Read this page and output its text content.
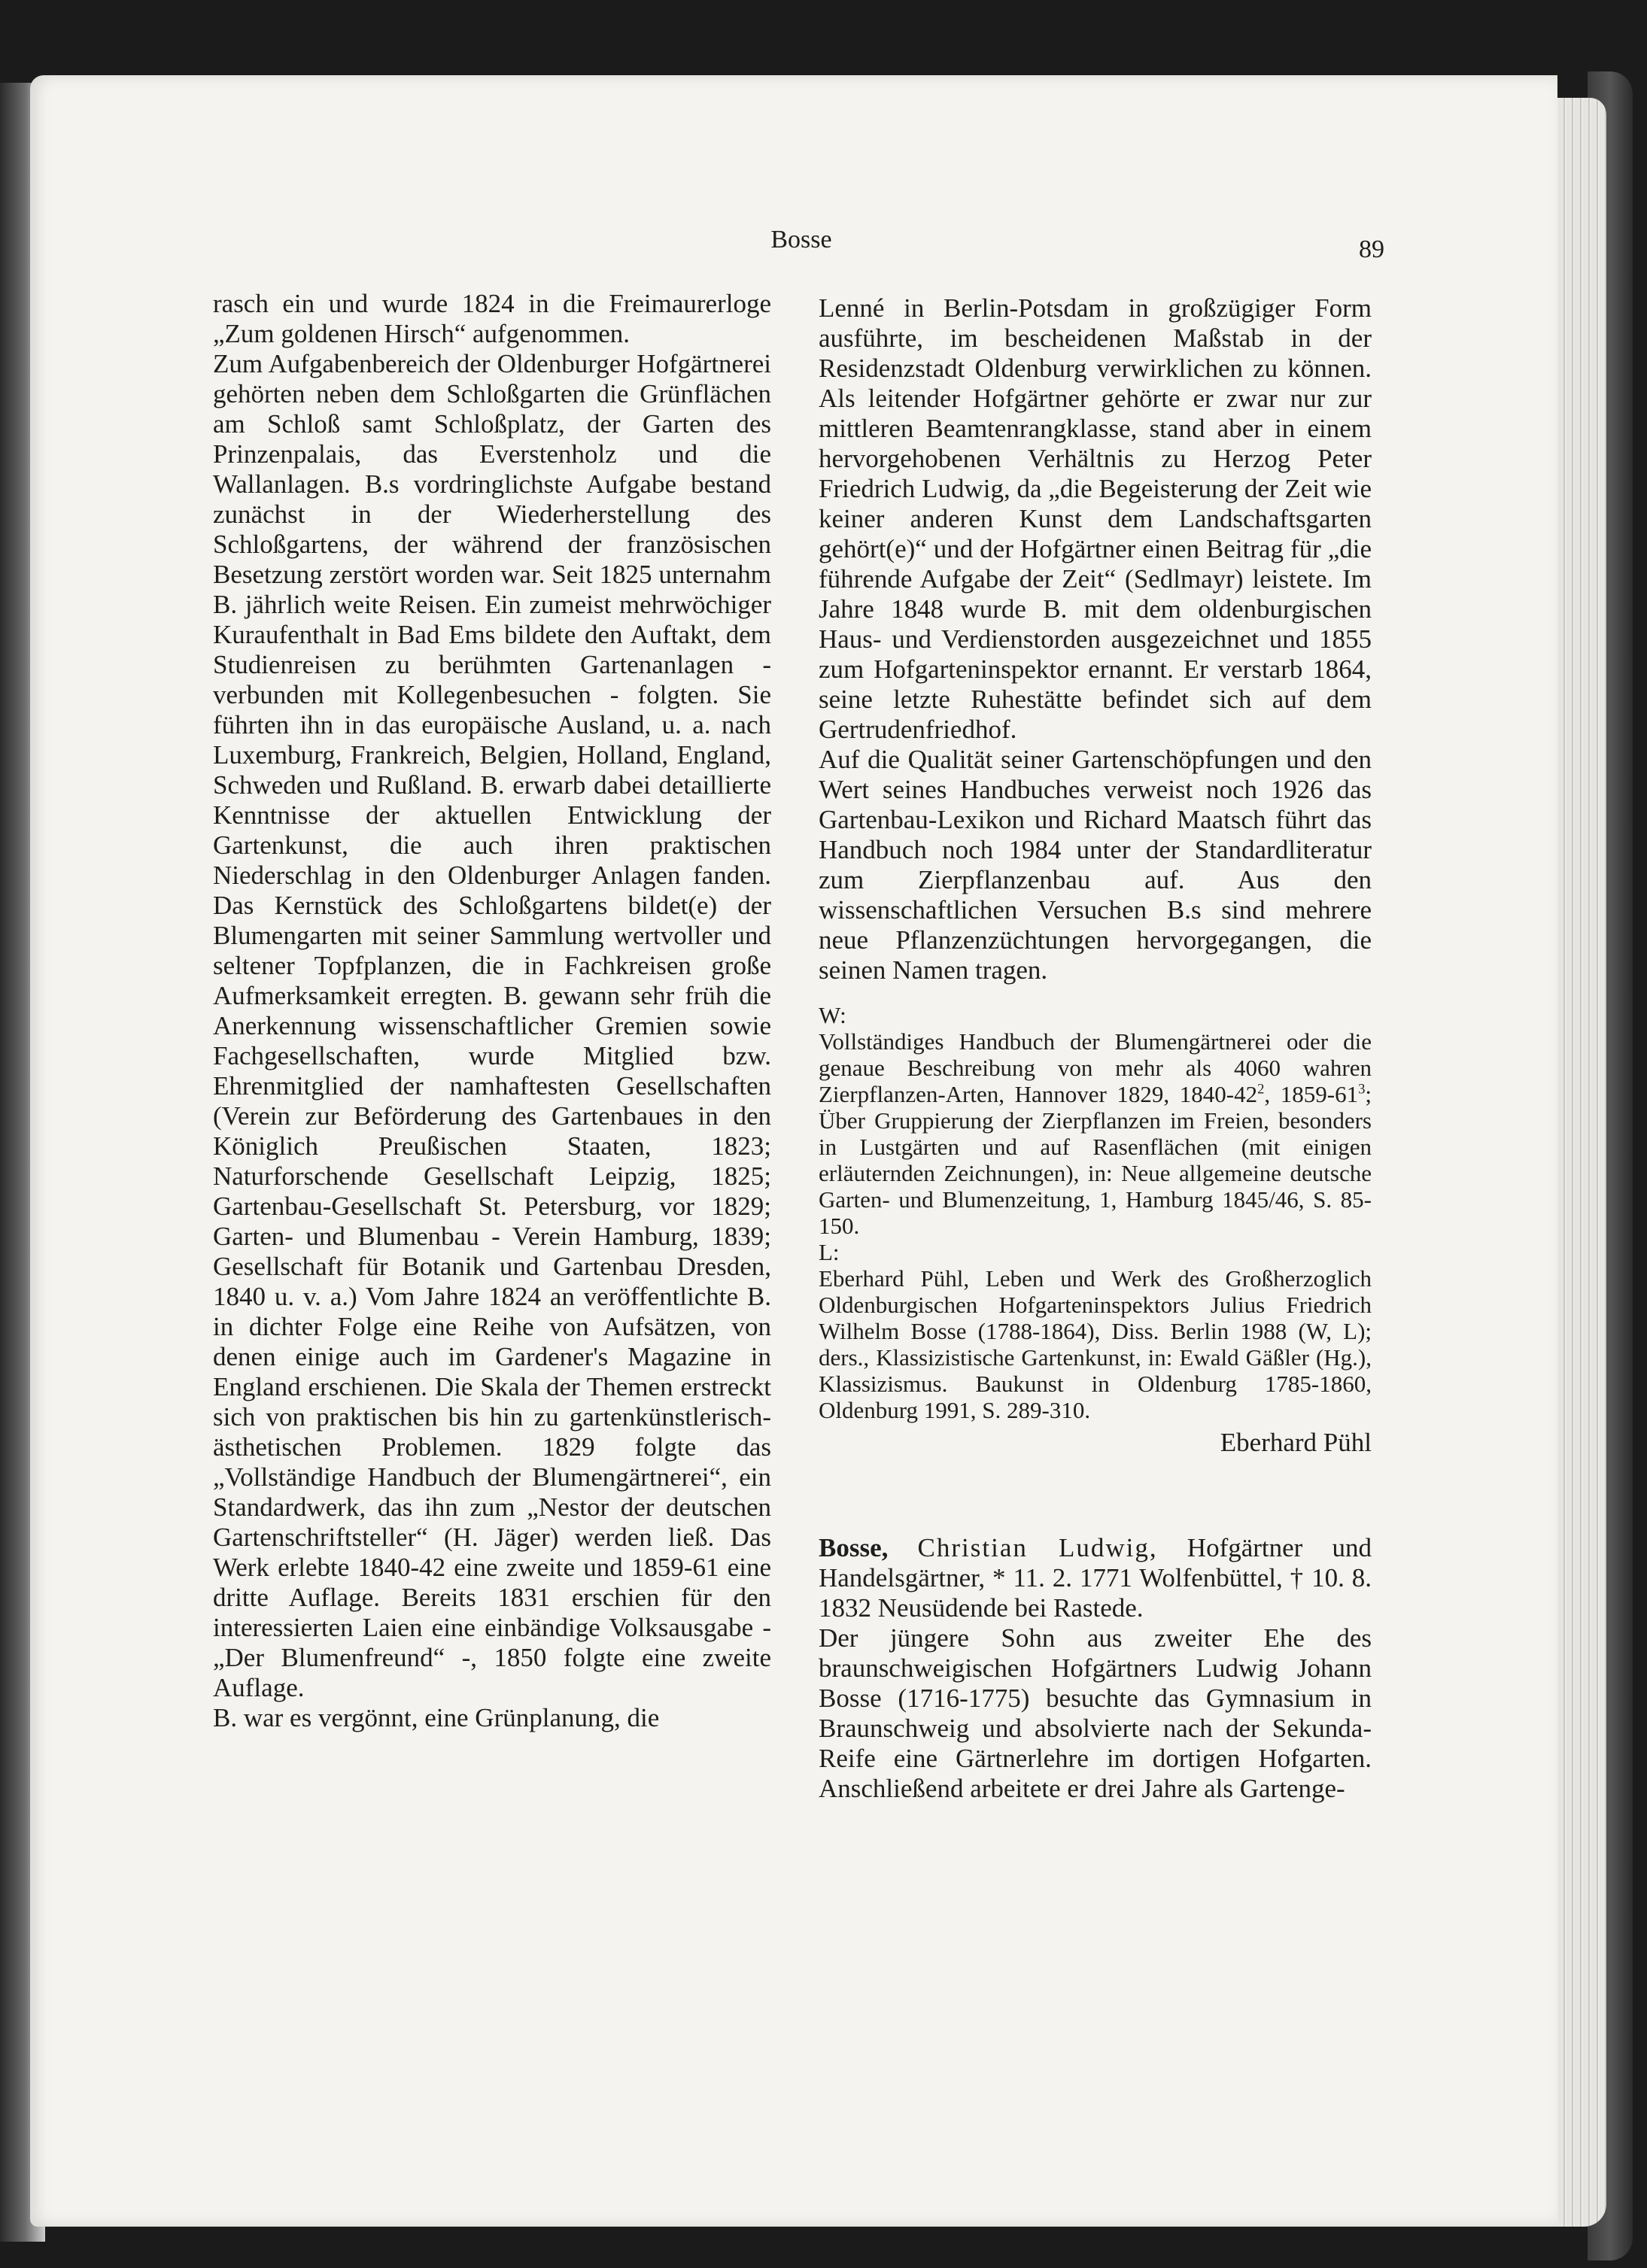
Bosse	89

rasch ein und wurde 1824 in die Freimaurerloge „Zum goldenen Hirsch“ aufgenommen.

Zum Aufgabenbereich der Oldenburger Hofgärtnerei gehörten neben dem Schloßgarten die Grünflächen am Schloß samt Schloßplatz, der Garten des Prinzenpalais, das Everstenholz und die Wallanlagen. B.s vordringlichste Aufgabe bestand zunächst in der Wiederherstellung des Schloßgartens, der während der französischen Besetzung zerstört worden war. Seit 1825 unternahm B. jährlich weite Reisen. Ein zumeist mehrwöchiger Kuraufenthalt in Bad Ems bildete den Auftakt, dem Studienreisen zu berühmten Gartenanlagen - verbunden mit Kollegenbesuchen - folgten. Sie führten ihn in das europäische Ausland, u. a. nach Luxemburg, Frankreich, Belgien, Holland, England, Schweden und Rußland. B. erwarb dabei detaillierte Kenntnisse der aktuellen Entwicklung der Gartenkunst, die auch ihren praktischen Niederschlag in den Oldenburger Anlagen fanden. Das Kernstück des Schloßgartens bildet(e) der Blumengarten mit seiner Sammlung wertvoller und seltener Topfplanzen, die in Fachkreisen große Aufmerksamkeit erregten. B. gewann sehr früh die Anerkennung wissenschaftlicher Gremien sowie Fachgesellschaften, wurde Mitglied bzw. Ehrenmitglied der namhaftesten Gesellschaften (Verein zur Beförderung des Gartenbaues in den Königlich Preußischen Staaten, 1823; Naturforschende Gesellschaft Leipzig, 1825; Gartenbau-Gesellschaft St. Petersburg, vor 1829; Garten- und Blumenbau - Verein Hamburg, 1839; Gesellschaft für Botanik und Gartenbau Dresden, 1840 u. v. a.) Vom Jahre 1824 an veröffentlichte B. in dichter Folge eine Reihe von Aufsätzen, von denen einige auch im Gardener's Magazine in England erschienen. Die Skala der Themen erstreckt sich von praktischen bis hin zu gartenkünstlerisch-ästhetischen Problemen. 1829 folgte das „Vollständige Handbuch der Blumengärtnerei“, ein Standardwerk, das ihn zum „Nestor der deutschen Gartenschriftsteller“ (H. Jäger) werden ließ. Das Werk erlebte 1840-42 eine zweite und 1859-61 eine dritte Auflage. Bereits 1831 erschien für den interessierten Laien eine einbändige Volksausgabe - „Der Blumenfreund“ -, 1850 folgte eine zweite Auflage.

B. war es vergönnt, eine Grünplanung, die

Lenné in Berlin-Potsdam in großzügiger Form ausführte, im bescheidenen Maßstab in der Residenzstadt Oldenburg verwirklichen zu können. Als leitender Hofgärtner gehörte er zwar nur zur mittleren Beamtenrangklasse, stand aber in einem hervorgehobenen Verhältnis zu Herzog Peter Friedrich Ludwig, da „die Begeisterung der Zeit wie keiner anderen Kunst dem Landschaftsgarten gehört(e)“ und der Hofgärtner einen Beitrag für „die führende Aufgabe der Zeit“ (Sedlmayr) leistete. Im Jahre 1848 wurde B. mit dem oldenburgischen Haus- und Verdienstorden ausgezeichnet und 1855 zum Hofgarteninspektor ernannt. Er verstarb 1864, seine letzte Ruhestätte befindet sich auf dem Gertrudenfriedhof.

Auf die Qualität seiner Gartenschöpfungen und den Wert seines Handbuches verweist noch 1926 das Gartenbau-Lexikon und Richard Maatsch führt das Handbuch noch 1984 unter der Standardliteratur zum Zierpflanzenbau auf. Aus den wissenschaftlichen Versuchen B.s sind mehrere neue Pflanzenzüchtungen hervorgegangen, die seinen Namen tragen.

W:
Vollständiges Handbuch der Blumengärtnerei oder die genaue Beschreibung von mehr als 4060 wahren Zierpflanzen-Arten, Hannover 1829, $1840-42^2$, $1859-61^3$; Über Gruppierung der Zierpflanzen im Freien, besonders in Lustgärten und auf Rasenflächen (mit einigen erläuternden Zeichnungen), in: Neue allgemeine deutsche Garten- und Blumenzeitung, 1, Hamburg 1845/46, S. 85-150.
L:
Eberhard Pühl, Leben und Werk des Großherzoglich Oldenburgischen Hofgarteninspektors Julius Friedrich Wilhelm Bosse (1788-1864), Diss. Berlin 1988 (W, L); ders., Klassizistische Gartenkunst, in: Ewald Gäßler (Hg.), Klassizismus. Baukunst in Oldenburg 1785-1860, Oldenburg 1991, S. 289-310.

Eberhard Pühl

Bosse, Christian Ludwig, Hofgärtner und Handelsgärtner, * 11. 2. 1771 Wolfenbüttel, † 10. 8. 1832 Neusüdende bei Rastede.

Der jüngere Sohn aus zweiter Ehe des braunschweigischen Hofgärtners Ludwig Johann Bosse (1716-1775) besuchte das Gymnasium in Braunschweig und absolvierte nach der Sekunda-Reife eine Gärtnerlehre im dortigen Hofgarten. Anschließend arbeitete er drei Jahre als Gartenge-
